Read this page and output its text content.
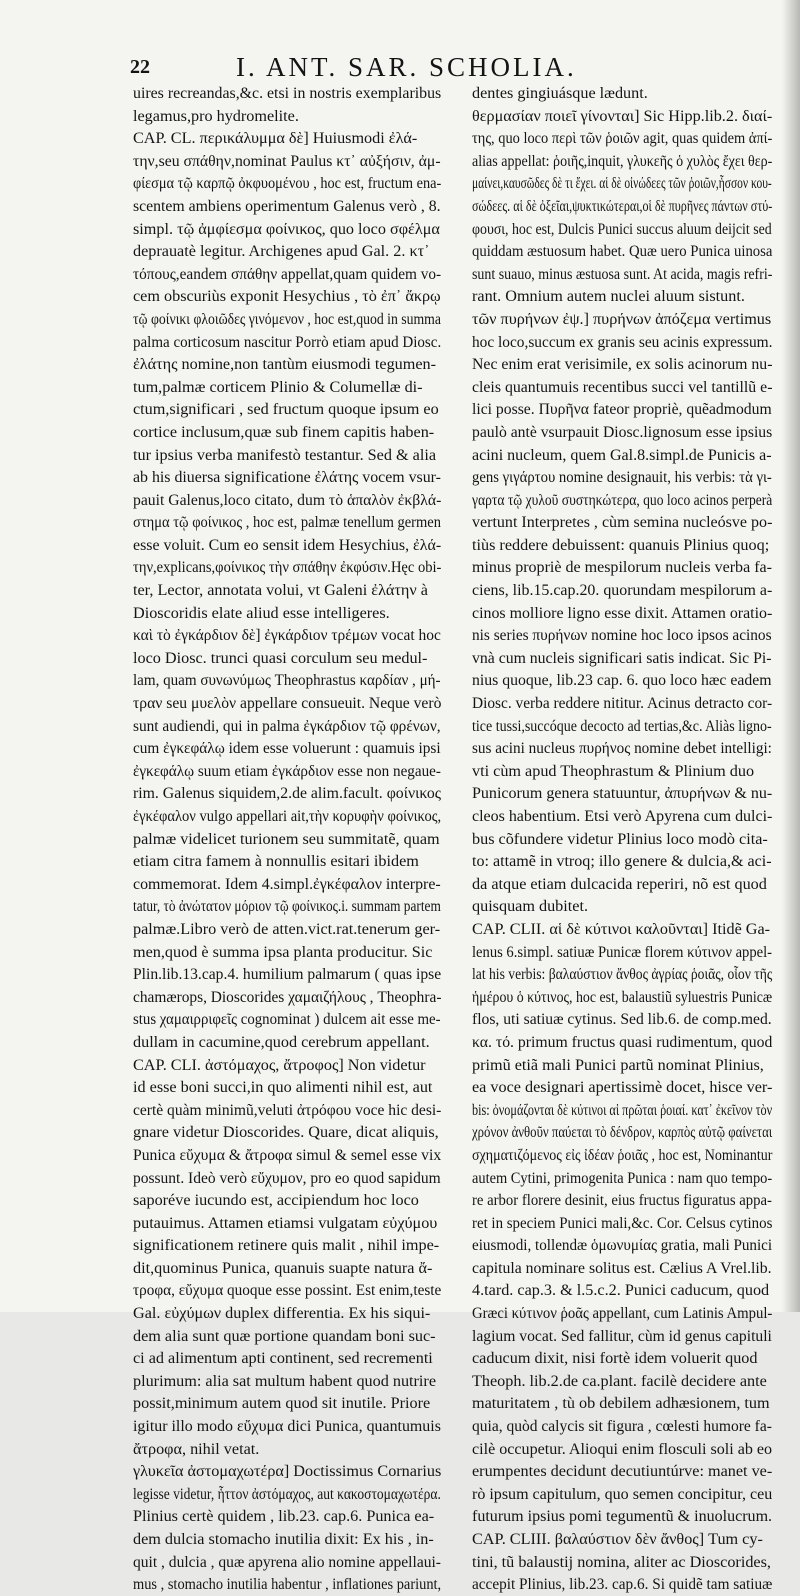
22	I. ANT. SAR. SCHOLIA.
uires recreandas,&c. etsi in nostris exemplaribus
legamus,pro hydromelite.
CAP. CL. περικάλυμμα δὲ] Huiusmodi ἐλά-
την,seu σπάθην,nominat Paulus κτ᾽ αὐξήσιν, ἀμ-
φίεσμα τῷ καρπῷ ὀκφυομένου , hoc est, fructum ena-
scentem ambiens operimentum Galenus verò , 8.
simpl. τῷ ἀμφίεσμα φοίνικος, quo loco σφέλμα
deprauatè legitur. Archigenes apud Gal. 2. κτ᾽
τόπους,eandem σπάθην appellat,quam quidem vo-
cem obscuriùs exponit Hesychius , τὸ ἐπ᾽ ἄκρῳ
τῷ φοίνικι φλοιῶδες γινόμενον , hoc est,quod in summa
palma corticosum nascitur Porrò etiam apud Diosc.
ἐλάτης nomine,non tantùm eiusmodi tegumen-
tum,palmæ corticem Plinio & Columellæ di-
ctum,significari , sed fructum quoque ipsum eo
cortice inclusum,quæ sub finem capitis haben-
tur ipsius verba manifestò testantur. Sed & alia
ab his diuersa significatione ἐλάτης vocem vsur-
pauit Galenus,loco citato, dum τὸ ἁπαλὸν ἐκβλά-
στημα τῷ φοίνικος , hoc est, palmæ tenellum germen
esse voluit. Cum eo sensit idem Hesychius, ἐλά-
την,explicans,φοίνικος τὴν σπάθην ἐκφύσιν.Hęc obi-
ter, Lector, annotata volui, vt Galeni ἐλάτην à
Dioscoridis elate aliud esse intelligeres.
καὶ τὸ ἐγκάρδιον δὲ] ἐγκάρδιον τρέμων vocat hoc
loco Diosc. trunci quasi corculum seu medul-
lam, quam συνωνύμως Theophrastus καρδίαν , μή-
τραν seu μυελὸν appellare consueuit. Neque verò
sunt audiendi, qui in palma ἐγκάρδιον τῷ φρένων,
cum ἐγκεφάλῳ idem esse voluerunt : quamuis ipsi
ἐγκεφάλῳ suum etiam ἐγκάρδιον esse non negaue-
rim. Galenus siquidem,2.de alim.facult. φοίνικος
ἐγκέφαλον vulgo appellari ait,τὴν κορυφὴν φοίνικος,
palmæ videlicet turionem seu summitatẽ, quam
etiam citra famem à nonnullis esitari ibidem
commemorat. Idem 4.simpl.ἐγκέφαλον interpre-
tatur, τὸ ἀνώτατον μόριον τῷ φοίνικος.i. summam partem
palmæ.Libro verò de atten.vict.rat.tenerum ger-
men,quod è summa ipsa planta producitur. Sic
Plin.lib.13.cap.4. humilium palmarum ( quas ipse
chamærops, Dioscorides χαμαιζήλους , Theophra-
stus χαμαιρριφεῖς cognominat ) dulcem ait esse me-
dullam in cacumine,quod cerebrum appellant.
CAP. CLI. ἀστόμαχος, ἄτροφος] Non videtur
id esse boni succi,in quo alimenti nihil est, aut
certè quàm minimũ,veluti ἀτρόφου voce hic desi-
gnare videtur Dioscorides. Quare, dicat aliquis,
Punica εὔχυμα & ἄτροφα simul & semel esse vix
possunt. Ideò verò εὔχυμον, pro eo quod sapidum
saporéve iucundo est, accipiendum hoc loco
putauimus. Attamen etiamsi vulgatam εὐχύμου
significationem retinere quis malit , nihil impe-
dit,quominus Punica, quanuis suapte natura ἄ-
τροφα, εὔχυμα quoque esse possint. Est enim,teste
Gal. εὐχύμων duplex differentia. Ex his siqui-
dem alia sunt quæ portione quandam boni suc-
ci ad alimentum apti continent, sed recrementi
plurimum: alia sat multum habent quod nutrire
possit,minimum autem quod sit inutile. Priore
igitur illo modo εὔχυμα dici Punica, quantumuis
ἄτροφα, nihil vetat.
γλυκεῖα ἀστομαχωτέρα] Doctissimus Cornarius
legisse videtur, ἧττον ἀστόμαχος, aut κακοστομαχωτέρα.
Plinius certè quidem , lib.23. cap.6. Punica ea-
dem dulcia stomacho inutilia dixit: Ex his , in-
quit , dulcia , quæ apyrena alio nomine appellaui-
mus , stomacho inutilia habentur , inflationes pariunt,
dentes gingiuásque lædunt.
θερμασίαν ποιεῖ γίνονται] Sic Hipp.lib.2. διαί-
της, quo loco περὶ τῶν ῥοιῶν agit, quas quidem ἀπί-
alias appellat: ῥοιῆς,inquit, γλυκεῆς ὁ χυλὸς ἔχει θερ-
μαίνει,καυσῶδες δὲ τι ἔχει. αἱ δὲ οἰνώδεες τῶν ῥοιῶν,ἧσσον κου-
σώδεες. αἱ δὲ ὀξεῖαι,ψυκτικώτεραι,οἱ δὲ πυρῆνες πάντων στύ-
φουσι, hoc est, Dulcis Punici succus aluum deijcit sed
quiddam æstuosum habet. Quæ uero Punica uinosa
sunt suauo, minus æstuosa sunt. At acida, magis refri-
rant. Omnium autem nuclei aluum sistunt.
τῶν πυρήνων ἐψ.] πυρήνων ἀπόζεμα vertimus
hoc loco,succum ex granis seu acinis expressum.
Nec enim erat verisimile, ex solis acinorum nu-
cleis quantumuis recentibus succi vel tantillũ e-
lici posse. Πυρῆνα fateor propriè, quẽadmodum
paulò antè vsurpauit Diosc.lignosum esse ipsius
acini nucleum, quem Gal.8.simpl.de Punicis a-
gens γιγάρτου nomine designauit, his verbis: τὰ γι-
γαρτα τῷ χυλοῦ συστηκώτερα, quo loco acinos perperà
vertunt Interpretes , cùm semina nucleósve po-
tiùs reddere debuissent: quanuis Plinius quoq;
minus propriè de mespilorum nucleis verba fa-
ciens, lib.15.cap.20. quorundam mespilorum a-
cinos molliore ligno esse dixit. Attamen oratio-
nis series πυρήνων nomine hoc loco ipsos acinos
vnà cum nucleis significari satis indicat. Sic Pi-
nius quoque, lib.23 cap. 6. quo loco hæc eadem
Diosc. verba reddere nititur. Acinus detracto cor-
tice tussi,succóque decocto ad tertias,&c. Aliàs ligno-
sus acini nucleus πυρήνος nomine debet intelligi:
vti cùm apud Theophrastum & Plinium duo
Punicorum genera statuuntur, ἀπυρήνων & nu-
cleos habentium. Etsi verò Apyrena cum dulci-
bus cõfundere videtur Plinius loco modò cita-
to: attamẽ in vtroq; illo genere & dulcia,& aci-
da atque etiam dulcacida reperiri, nõ est quod
quisquam dubitet.
CAP. CLII. αἱ δὲ κύτινοι καλοῦνται] Itidẽ Ga-
lenus 6.simpl. satiuæ Punicæ florem κύτινον appel-
lat his verbis: βαλαύστιον ἄνθος ἀγρίας ῥοιᾶς, οἷον τῆς
ἡμέρου ὁ κύτινος, hoc est, balaustiũ syluestris Punicæ
flos, uti satiuæ cytinus. Sed lib.6. de comp.med.
κα. τό. primum fructus quasi rudimentum, quod
primũ etiã mali Punici partũ nominat Plinius,
ea voce designari apertissimè docet, hisce ver-
bis: ὀνομάζονται δὲ κύτινοι αἱ πρῶται ῥοιαί. κατ᾽ ἐκεῖνον τὸν
χρόνον ἀνθοῦν παύεται τὸ δένδρον, καρπὸς αὐτῷ φαίνεται
σχηματιζόμενος εἰς ἰδέαν ῥοιᾶς , hoc est, Nominantur
autem Cytini, primogenita Punica : nam quo tempo-
re arbor florere desinit, eius fructus figuratus appa-
ret in speciem Punici mali,&c. Cor. Celsus cytinos
eiusmodi, tollendæ ὁμωνυμίας gratia, mali Punici
capitula nominare solitus est. Cælius A Vrel.lib.
4.tard. cap.3. & l.5.c.2. Punici caducum, quod
Græci κύτινον ῥοᾶς appellant, cum Latinis Ampul-
lagium vocat. Sed fallitur, cùm id genus capituli
caducum dixit, nisi fortè idem voluerit quod
Theoph. lib.2.de ca.plant. facilè decidere ante
maturitatem , tù ob debilem adhæsionem, tum
quia, quòd calycis sit figura , cœlesti humore fa-
cilè occupetur. Alioqui enim flosculi soli ab eo
erumpentes decidunt decutiuntúrve: manet ve-
rò ipsum capitulum, quo semen concipitur, ceu
futurum ipsius pomi tegumentũ & inuolucrum.
CAP. CLIII. βαλαύστιον δὲν ἄνθος] Tum cy-
tini, tũ balaustij nomina, aliter ac Dioscorides,
accepit Plinius, lib.23. cap.6. Si quidẽ tam satiuæ
